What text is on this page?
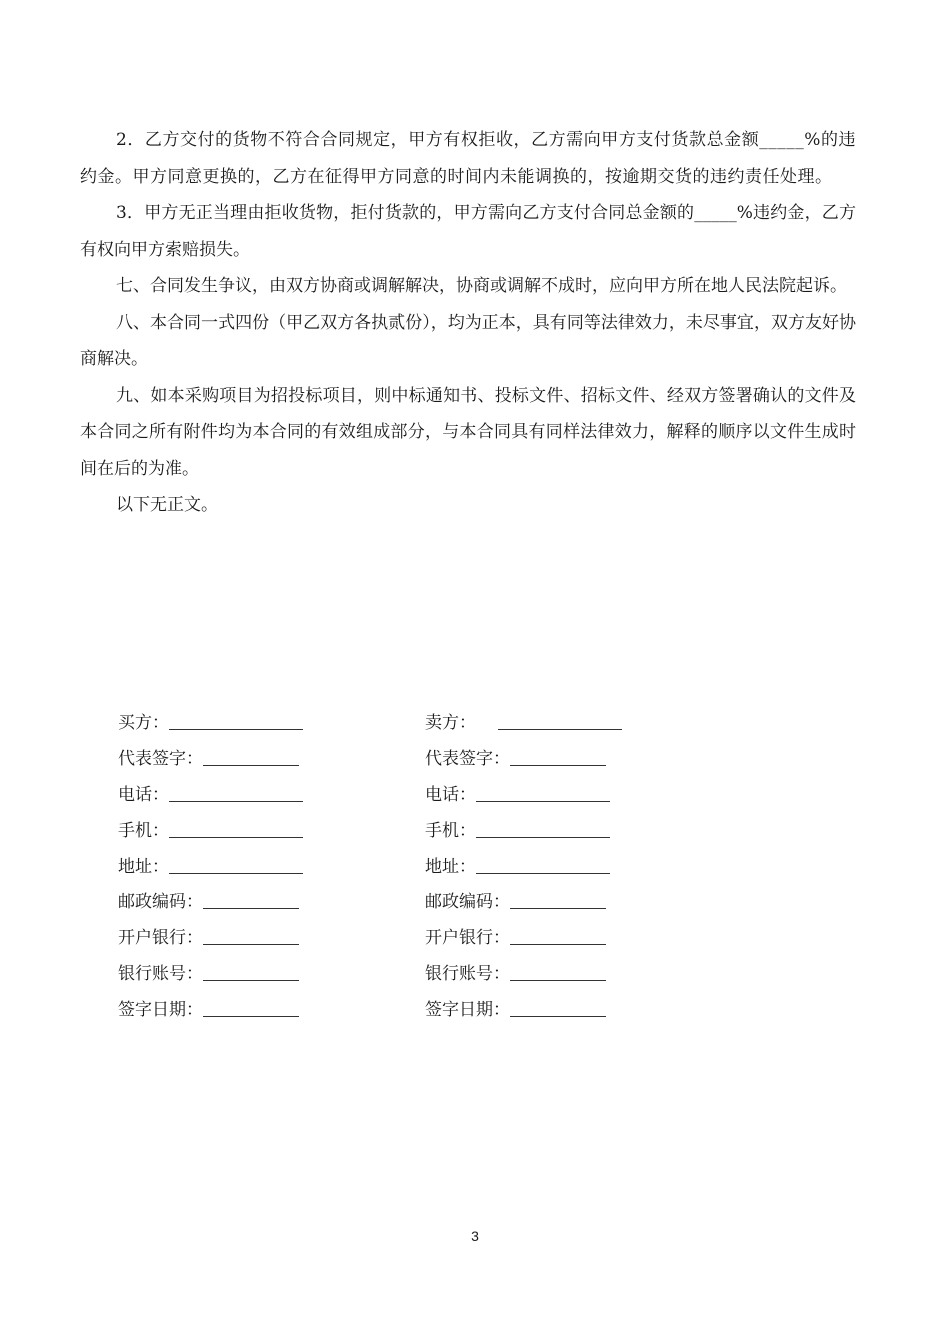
2．乙方交付的货物不符合合同规定，甲方有权拒收，乙方需向甲方支付货款总金额_____%的违约金。甲方同意更换的，乙方在征得甲方同意的时间内未能调换的，按逾期交货的违约责任处理。

3．甲方无正当理由拒收货物，拒付货款的，甲方需向乙方支付合同总金额的_____%违约金，乙方有权向甲方索赔损失。

七、合同发生争议，由双方协商或调解解决，协商或调解不成时，应向甲方所在地人民法院起诉。

八、本合同一式四份（甲乙双方各执贰份），均为正本，具有同等法律效力，未尽事宜，双方友好协商解决。

九、如本采购项目为招投标项目，则中标通知书、投标文件、招标文件、经双方签署确认的文件及本合同之所有附件均为本合同的有效组成部分，与本合同具有同样法律效力，解释的顺序以文件生成时间在后的为准。

以下无正文。

买方：	卖方：
代表签字：	代表签字：
电话：	电话：
手机：	手机：
地址：	地址：
邮政编码：	邮政编码：
开户银行：	开户银行：
银行账号：	银行账号：
签字日期：	签字日期：
3
